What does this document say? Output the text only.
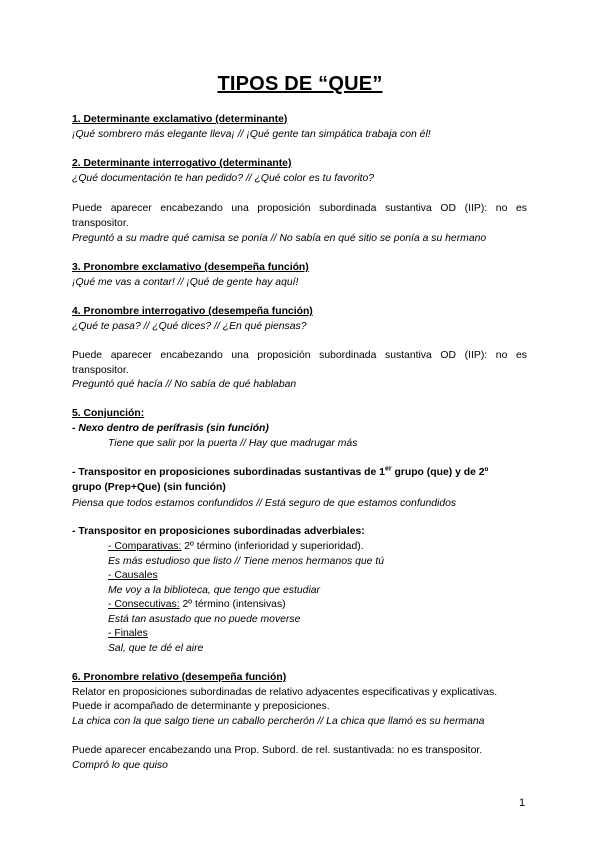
TIPOS DE “QUE”
1. Determinante exclamativo (determinante)
¡Qué sombrero más elegante lleva¡ // ¡Qué gente tan simpática trabaja con él!
2. Determinante interrogativo (determinante)
¿Qué documentación te han pedido? // ¿Qué color es tu favorito?
Puede aparecer encabezando una proposición subordinada sustantiva OD (IIP): no es
transpositor.
Preguntó a su madre qué camisa se ponía // No sabía en qué sitio se ponía a su hermano
3. Pronombre exclamativo (desempeña función)
¡Qué me vas a contar! // ¡Qué de gente hay aquí!
4. Pronombre interrogativo (desempeña función)
¿Qué te pasa? // ¿Qué dices? // ¿En qué piensas?
Puede aparecer encabezando una proposición subordinada sustantiva OD (IIP): no es
transpositor.
Preguntó qué hacía // No sabía de qué hablaban
5. Conjunción:
- Nexo dentro de perífrasis (sin función)
Tiene que salir por la puerta // Hay que madrugar más
- Transpositor en proposiciones subordinadas sustantivas de 1er grupo (que) y de 2º
grupo (Prep+Que) (sin función)
Piensa que todos estamos confundidos // Está seguro de que estamos confundidos
- Transpositor en proposiciones subordinadas adverbiales:
- Comparativas: 2º término (inferioridad y superioridad).
Es más estudioso que listo // Tiene menos hermanos que tú
- Causales
Me voy a la biblioteca, que tengo que estudiar
- Consecutivas: 2º término (intensivas)
Está tan asustado que no puede moverse
- Finales
Sal, que te dé el aire
6. Pronombre relativo (desempeña función)
Relator en proposiciones subordinadas de relativo adyacentes especificativas y explicativas.
Puede ir acompañado de determinante y preposiciones.
La chica con la que salgo tiene un caballo percherón // La chica que llamó es su hermana
Puede aparecer encabezando una Prop. Subord. de rel. sustantivada: no es transpositor.
Compró lo que quiso
1
